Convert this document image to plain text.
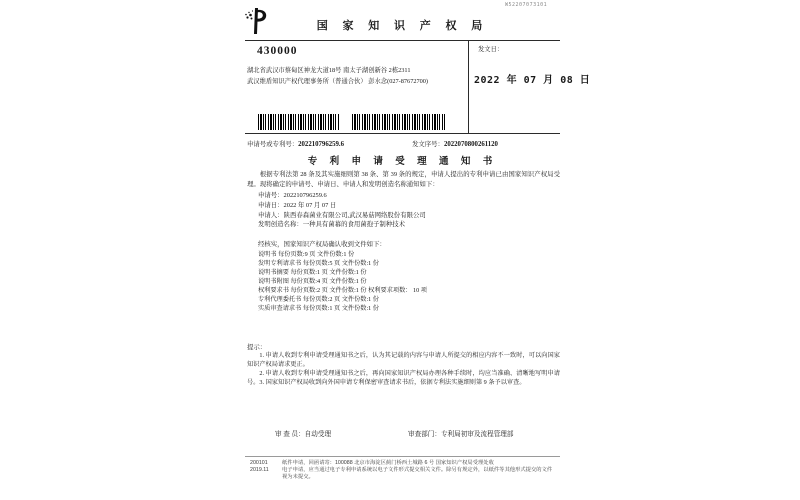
W52207073101
国 家 知 识 产 权 局
430000
湖北省武汉市蔡甸区神龙大道18号 南太子湖创新谷 2栋2311
武汉维盾知识产权代理事务所（普通合伙） 彭水念(027-87672700)
发文日：
2022 年 07 月 08 日
申请号或专利号：202210796259.6	发文序号：2022070800261120
专 利 申 请 受 理 通 知 书
根据专利法第 28 条及其实施细则第 38 条、第 39 条的规定，申请人提出的专利申请已由国家知识产权局受理。现将确定的申请号、申请日、申请人和发明创造名称通知如下：
申请号：202210796259.6
申请日：2022 年 07 月 07 日
申请人：陕西春森菌业有限公司,武汉易菇网络股份有限公司
发明创造名称：一种具有菌幕的食用菌孢子制种技术
经核实，国家知识产权局确认收到文件如下：
说明书 每份页数:9 页 文件份数:1 份
发明专利请求书 每份页数:5 页 文件份数:1 份
说明书摘要 每份页数:1 页 文件份数:1 份
说明书附图 每份页数:4 页 文件份数:1 份
权利要求书 每份页数:2 页 文件份数:1 份 权利要求项数： 10 项
专利代理委托书 每份页数:2 页 文件份数:1 份
实质审查请求书 每份页数:1 页 文件份数:1 份
提示：
1. 申请人收到专利申请受理通知书之后，认为其记载的内容与申请人所提交的相应内容不一致时，可以向国家知识产权局请求更正。
2. 申请人收到专利申请受理通知书之后，再向国家知识产权局办理各种手续时，均应当准确、清晰地写明申请号。 3. 国家知识产权局收到向外国申请专利保密审查请求书后，依据专利法实施细则第 9 条予以审查。
审 查 员：自动受理	审查部门：专利局初审及流程管理部
200101	纸件申请，回函请寄：100088 北京市海淀区蓟门桥西土城路 6 号 国家知识产权局受理处收
2019.11 电子申请，应当通过电子专利申请系统以电子文件形式提交相关文件。除另有规定外，以纸件等其他形式提交的文件视为未提交。
